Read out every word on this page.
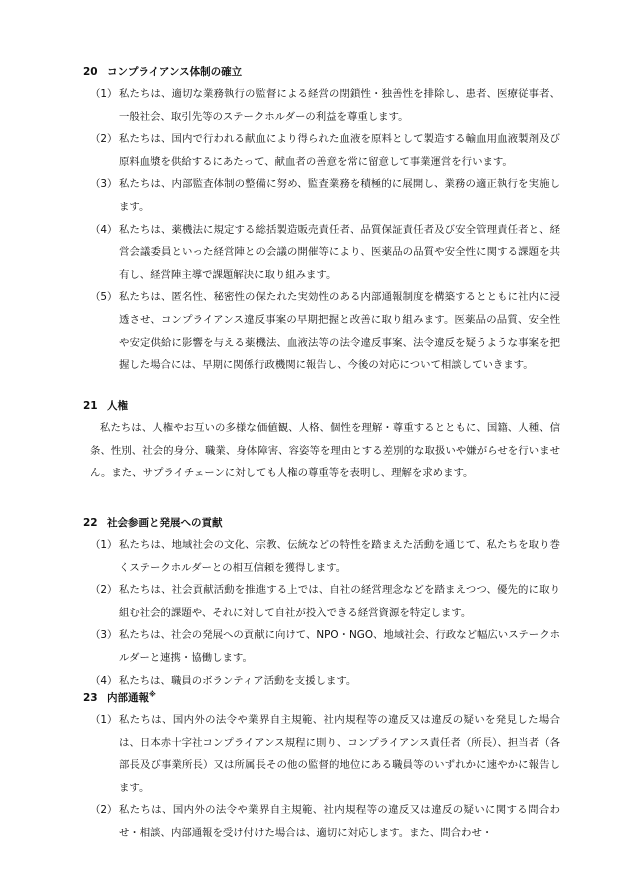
20 コンプライアンス体制の確立
（1） 私たちは、適切な業務執行の監督による経営の閉鎖性・独善性を排除し、患者、医療従事者、一般社会、取引先等のステークホルダーの利益を尊重します。
（2） 私たちは、国内で行われる献血により得られた血液を原料として製造する輸血用血液製剤及び原料血漿を供給するにあたって、献血者の善意を常に留意して事業運営を行います。
（3） 私たちは、内部監査体制の整備に努め、監査業務を積極的に展開し、業務の適正執行を実施します。
（4） 私たちは、薬機法に規定する総括製造販売責任者、品質保証責任者及び安全管理責任者と、経営会議委員といった経営陣との会議の開催等により、医薬品の品質や安全性に関する課題を共有し、経営陣主導で課題解決に取り組みます。
（5） 私たちは、匿名性、秘密性の保たれた実効性のある内部通報制度を構築するとともに社内に浸透させ、コンプライアンス違反事案の早期把握と改善に取り組みます。医薬品の品質、安全性や安定供給に影響を与える薬機法、血液法等の法令違反事案、法令違反を疑うような事案を把握した場合には、早期に関係行政機関に報告し、今後の対応について相談していきます。
21 人権
私たちは、人権やお互いの多様な価値観、人格、個性を理解・尊重するとともに、国籍、人種、信条、性別、社会的身分、職業、身体障害、容姿等を理由とする差別的な取扱いや嫌がらせを行いません。また、サプライチェーンに対しても人権の尊重等を表明し、理解を求めます。
22 社会参画と発展への貢献
（1） 私たちは、地域社会の文化、宗教、伝統などの特性を踏まえた活動を通じて、私たちを取り巻くステークホルダーとの相互信頼を獲得します。
（2） 私たちは、社会貢献活動を推進する上では、自社の経営理念などを踏まえつつ、優先的に取り組む社会的課題や、それに対して自社が投入できる経営資源を特定します。
（3） 私たちは、社会の発展への貢献に向けて、NPO・NGO、地域社会、行政など幅広いステークホルダーと連携・協働します。
（4） 私たちは、職員のボランティア活動を支援します。
23 内部通報※
（1） 私たちは、国内外の法令や業界自主規範、社内規程等の違反又は違反の疑いを発見した場合は、日本赤十字社コンプライアンス規程に則り、コンプライアンス責任者（所長）、担当者（各部長及び事業所長）又は所属長その他の監督的地位にある職員等のいずれかに速やかに報告します。
（2） 私たちは、国内外の法令や業界自主規範、社内規程等の違反又は違反の疑いに関する問合わせ・相談、内部通報を受け付けた場合は、適切に対応します。また、問合わせ・
